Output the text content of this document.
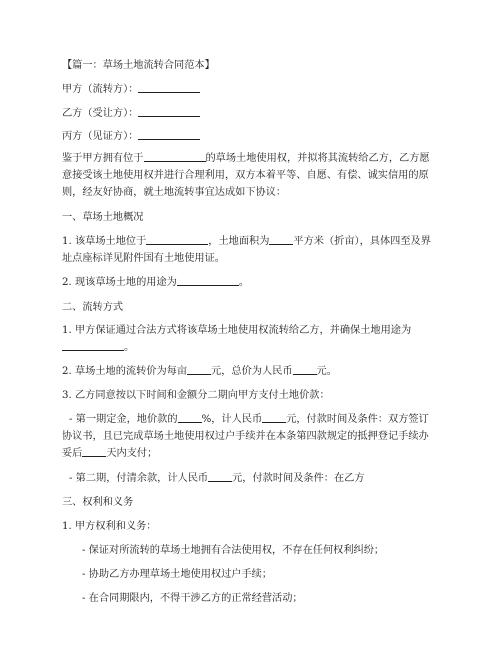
【篇一：草场土地流转合同范本】
甲方（流转方）：
乙方（受让方）：
丙方（见证方）：
鉴于甲方拥有位于	的草场土地使用权，并拟将其流转给乙方，乙方愿
意接受该土地使用权并进行合理利用，双方本着平等、自愿、有偿、诚实信用的原
则，经友好协商，就土地流转事宜达成如下协议：
一、草场土地概况
1. 该草场土地位于	，土地面积为 平方米（折亩），具体四至及界
址点座标详见附件国有土地使用证。
2. 现该草场土地的用途为	。
二、流转方式
1. 甲方保证通过合法方式将该草场土地使用权流转给乙方，并确保土地用途为
。
2. 草场土地的流转价为每亩 元，总价为人民币 元。
3. 乙方同意按以下时间和金额分二期向甲方支付土地价款：
- 第一期定金，地价款的 %，计人民币 元，付款时间及条件：双方签订
协议书，且已完成草场土地使用权过户手续并在本条第四款规定的抵押登记手续办
妥后 天内支付；
- 第二期，付清余款，计人民币 元，付款时间及条件：在乙方
三、权利和义务
1. 甲方权利和义务：
- 保证对所流转的草场土地拥有合法使用权，不存在任何权利纠纷；
- 协助乙方办理草场土地使用权过户手续；
- 在合同期限内，不得干涉乙方的正常经营活动；
